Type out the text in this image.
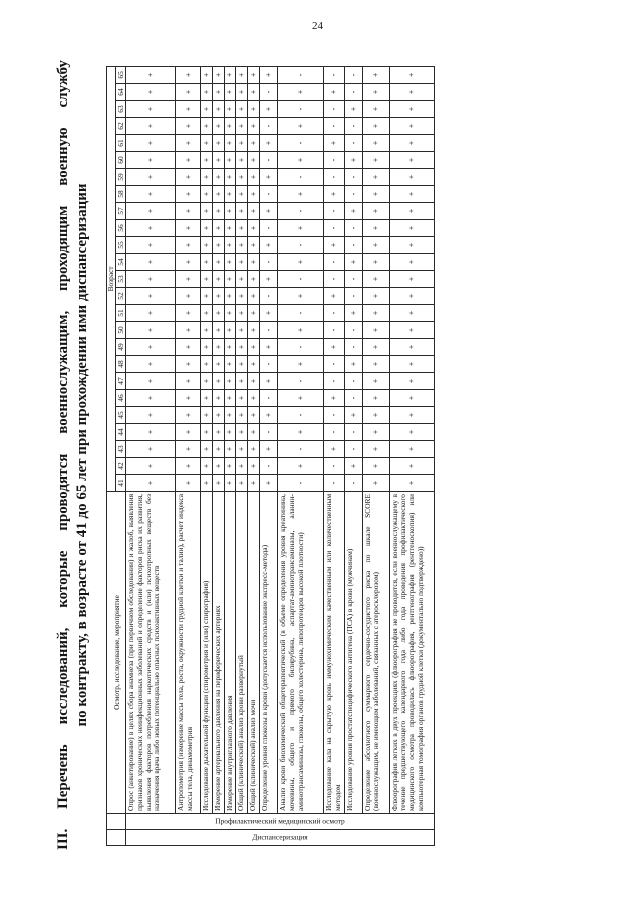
24
III.
Перечень
исследований,
которые
проводятся
военнослужащим,
проходящим
военную
службу
по контракту, в возрасте от 41 до 65 лет при прохождении ими диспансеризации
			Осмотр, исследование, мероприятие	Возраст																								
			41	42	43	44	45	46	47	48	49	50	51	52	53	54	55	56	57	58	59	60	61	62	63	64	65

Диспансеризация	Профилактический медицинский осмотр	Опрос (анкетирование) в целях сбора анамнеза (при первичном обследовании) и жалоб, выявления признаков хронических неинфекционных заболеваний и определение факторов риска их развития, выявления факторов потребления наркотических средств и (или) психотропных веществ без назначения врача либо новых потенциально опасных психоактивных веществ	+	+	+	+	+	+	+	+	+	+	+	+	+	+	+	+	+	+	+	+	+	+	+	+	+
		Антропометрия (измерение массы тела, роста, окружности грудной клетки и талии), расчет индекса массы тела, динамометрия	+	+	+	+	+	+	+	+	+	+	+	+	+	+	+	+	+	+	+	+	+	+	+	+	+
		Исследование дыхательной функции (спирометрия и (или) спирография)	+	+	+	+	+	+	+	+	+	+	+	+	+	+	+	+	+	+	+	+	+	+	+	+	+
		Измерение артериального давления на периферических артериях	+	+	+	+	+	+	+	+	+	+	+	+	+	+	+	+	+	+	+	+	+	+	+	+	+
		Измерение внутриглазного давления	+	+	+	+	+	+	+	+	+	+	+	+	+	+	+	+	+	+	+	+	+	+	+	+	+
		Общий (клинический) анализ крови развернутый	+	+	+	+	+	+	+	+	+	+	+	+	+	+	+	+	+	+	+	+	+	+	+	+	+
		Общий (клинический) анализ мочи	+	+	+	+	+	+	+	+	+	+	+	+	+	+	+	+	+	+	+	+	+	+	+	+	+
		Определение уровня глюкозы в крови (допускается использование экспресс-метода)	+	-	+	-	+	-	+	-	+	-	+	-	+	-	+	-	+	-	+	-	+	-	+	-	+
		Анализ крови биохимический общетерапевтический (в объеме определения уровня креатинина, мочевины, общего и прямого билирубина, аспартат-аминотрансаминазы, аланин-аминотрансаминазы, глюкозы, общего холестерина, липопротеидов высокой плотности)	-	+	-	+	-	+	-	+	-	+	-	+	-	+	-	+	-	+	-	+	-	+	-	+	-
		Исследование кала на скрытую кровь иммунохимическим качественным или количественным методом	-	-	+	-	-	+	-	-	+	-	-	+	-	-	+	-	-	+	-	-	+	-	-	+	-
		Исследование уровня простатспецифического антигена (ПСА) в крови (мужчинам)	-	+	-	-	+	-	-	+	-	-	+	-	-	+	-	-	+	-	-	+	-	-	+	-	-
		Определение абсолютного суммарного сердечно-сосудистого риска по шкале SCORE (военнослужащим, не имеющим заболеваний, связанных с атеросклерозом)	+	+	+	+	+	+	+	+	+	+	+	+	+	+	+	+	+	+	+	+	+	+	+	+	+
		Флюорография легких в двух проекциях (флюорография не проводится, если военнослужащему в течение предшествующего календарного года либо года проведения профилактического медицинского осмотра проводилась флюорография, рентгенография (рентгеноскопия) или компьютерная томография органов грудной клетки (документально подтверждено))	+	+	+	+	+	+	+	+	+	+	+	+	+	+	+	+	+	+	+	+	+	+	+	+	+
